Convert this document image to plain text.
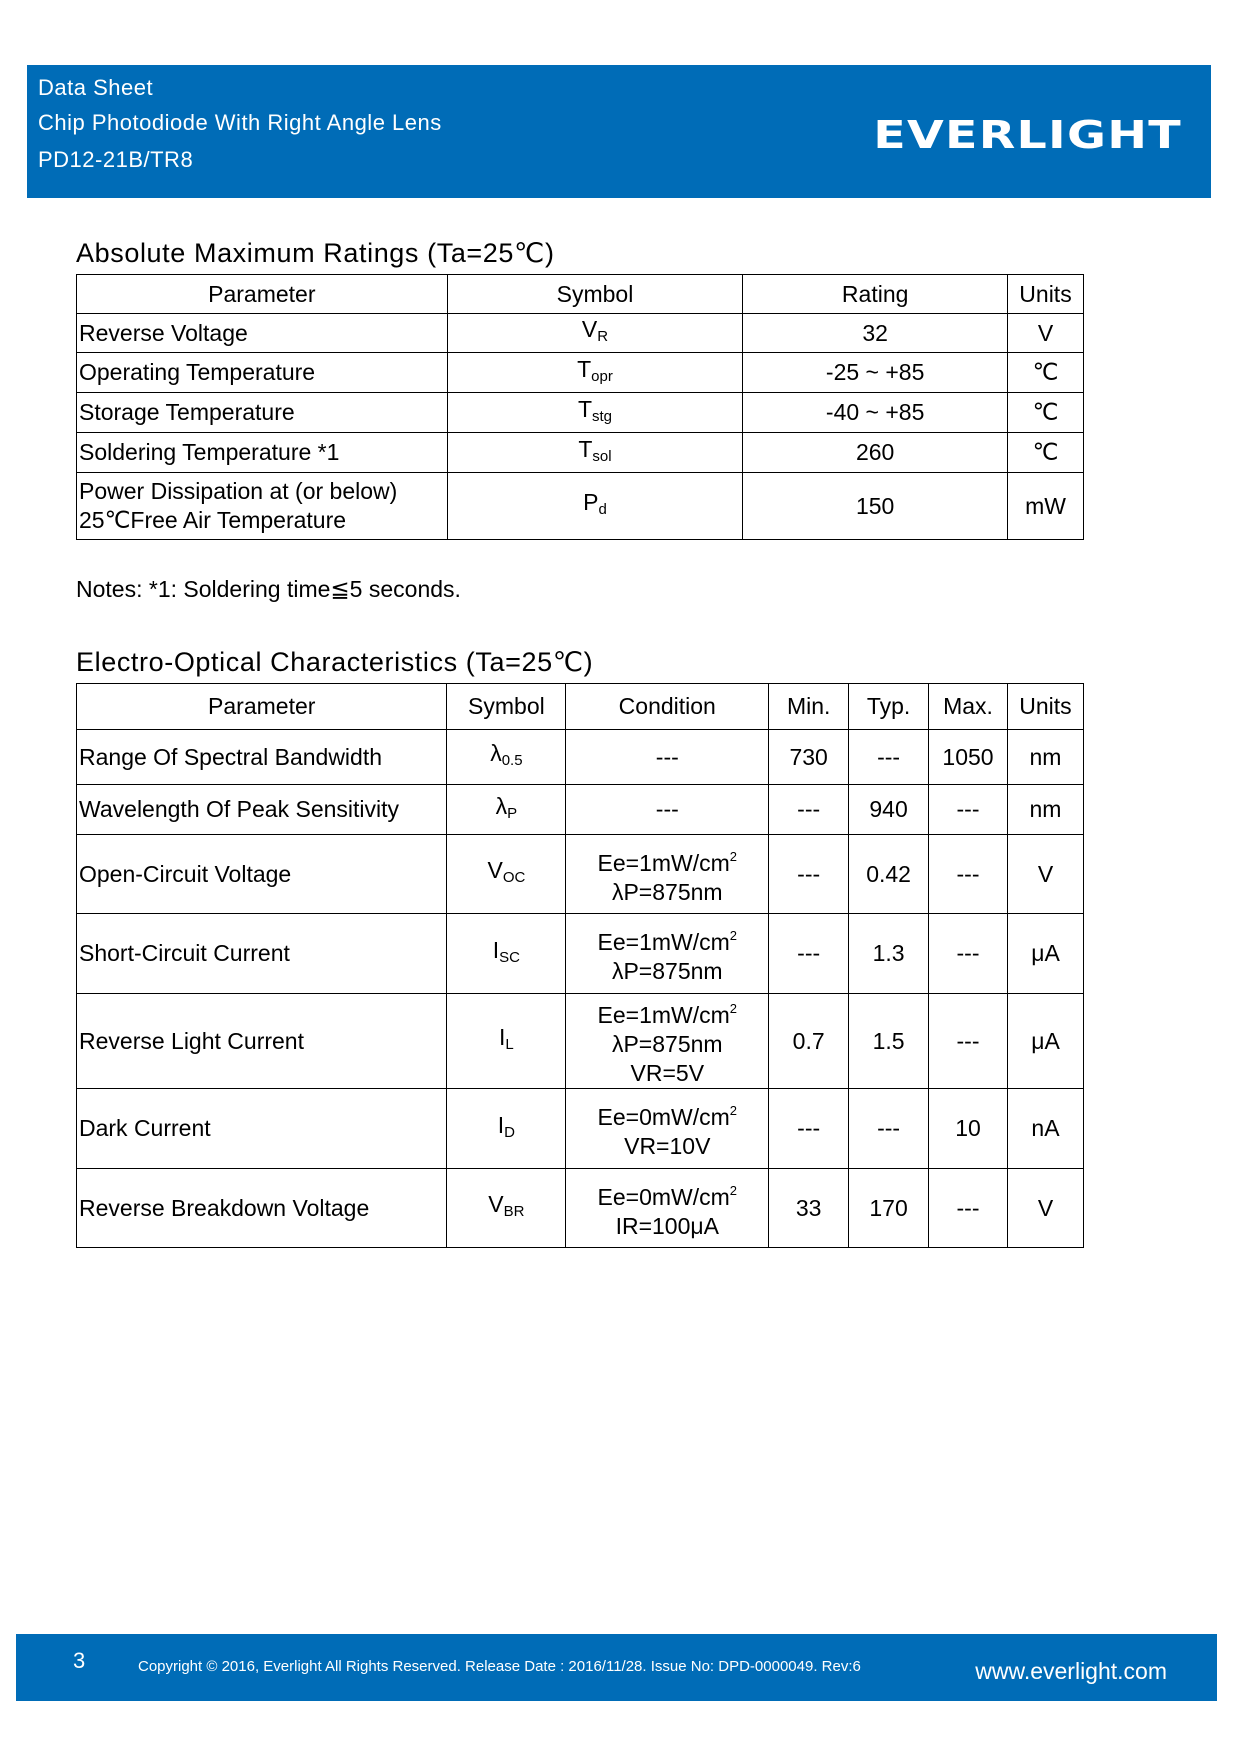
Data Sheet
Chip Photodiode With Right Angle Lens
PD12-21B/TR8
EVERLIGHT
Absolute Maximum Ratings (Ta=25℃)
Parameter	Symbol	Rating	Units

Reverse Voltage	$V_R$	32	V

Operating Temperature	$T_{opr}$	-25 ~ +85	℃

Storage Temperature	$T_{stg}$	-40 ~ +85	℃

Soldering Temperature *1	$T_{sol}$	260	℃

Power Dissipation at (or below)
25℃Free Air Temperature	$P_d$	150	mW
Notes: *1: Soldering time≦5 seconds.
Electro-Optical Characteristics (Ta=25℃)
Parameter	Symbol	Condition	Min.	Typ.	Max.	Units
Range Of Spectral Bandwidth	$\lambda_{0.5}$	---	730	---	1050	nm
Wavelength Of Peak Sensitivity	$\lambda_P$	---	---	940	---	nm
Open-Circuit Voltage	$V_{OC}$	$Ee=1mW/cm^2$
λP=875nm	---	0.42	---	V
Short-Circuit Current	$I_{SC}$	$Ee=1mW/cm^2$
λP=875nm	---	1.3	---	μA
Reverse Light Current	$I_L$	$Ee=1mW/cm^2$
λP=875nm
VR=5V	0.7	1.5	---	μA
Dark Current	$I_D$	$Ee=0mW/cm^2$
VR=10V	---	---	10	nA
Reverse Breakdown Voltage	$V_{BR}$	$Ee=0mW/cm^2$
IR=100μA	33	170	---	V
3	Copyright © 2016, Everlight All Rights Reserved. Release Date : 2016/11/28. Issue No: DPD-0000049. Rev:6	www.everlight.com
